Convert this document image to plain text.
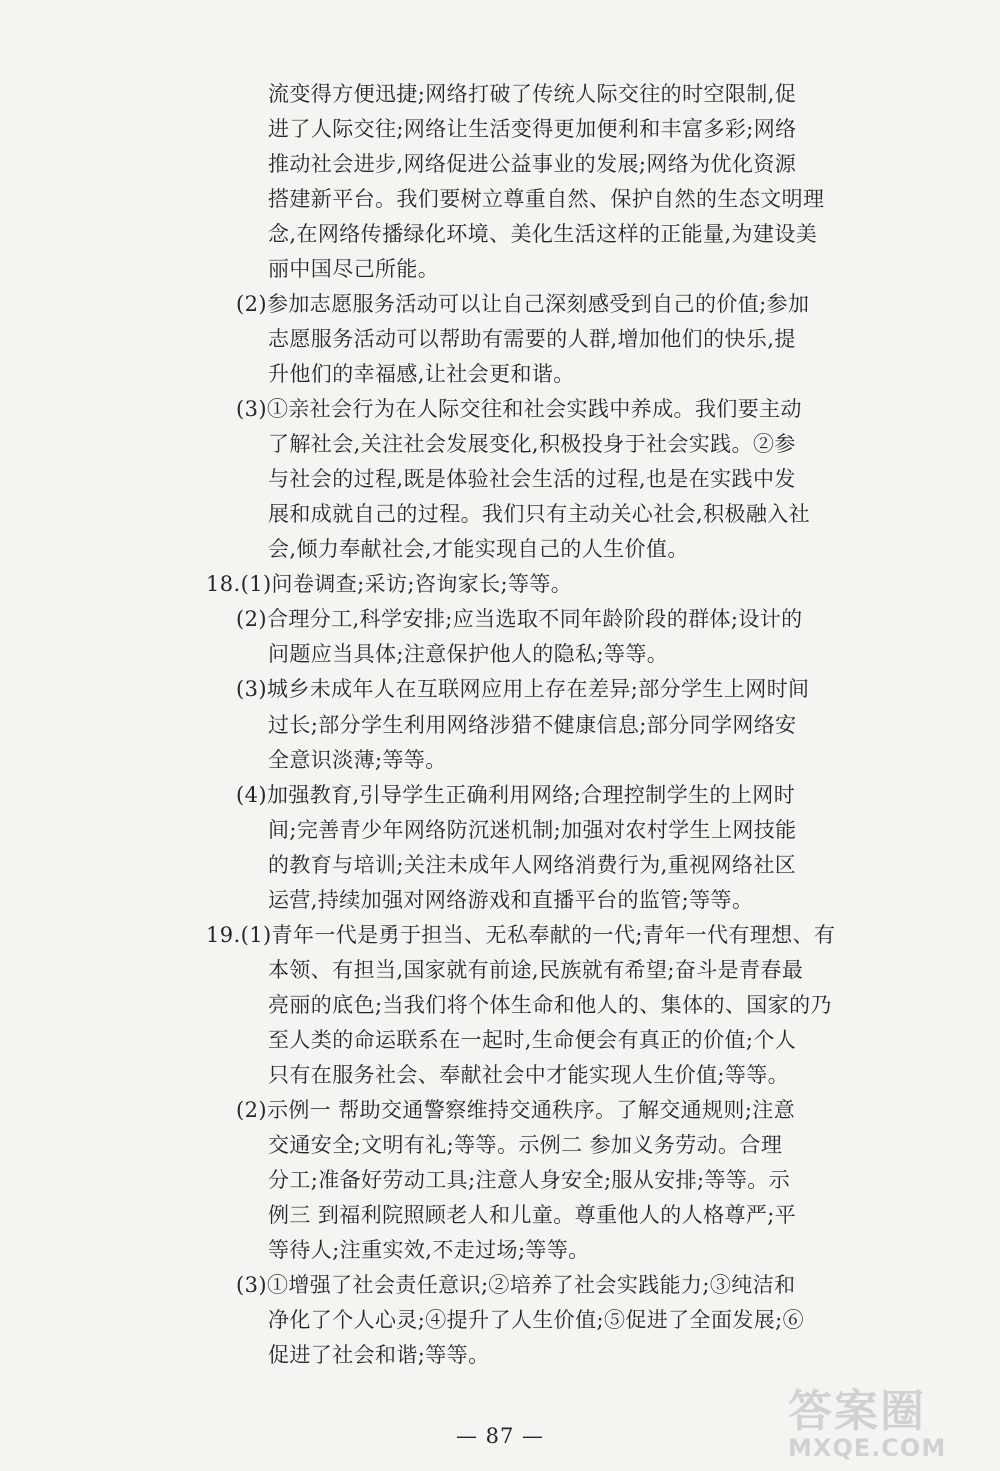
流变得方便迅捷;网络打破了传统人际交往的时空限制,促
进了人际交往;网络让生活变得更加便利和丰富多彩;网络
推动社会进步,网络促进公益事业的发展;网络为优化资源
搭建新平台。我们要树立尊重自然、保护自然的生态文明理
念,在网络传播绿化环境、美化生活这样的正能量,为建设美
丽中国尽己所能。
(2)参加志愿服务活动可以让自己深刻感受到自己的价值;参加
志愿服务活动可以帮助有需要的人群,增加他们的快乐,提
升他们的幸福感,让社会更和谐。
(3)①亲社会行为在人际交往和社会实践中养成。我们要主动
了解社会,关注社会发展变化,积极投身于社会实践。②参
与社会的过程,既是体验社会生活的过程,也是在实践中发
展和成就自己的过程。我们只有主动关心社会,积极融入社
会,倾力奉献社会,才能实现自己的人生价值。
18.(1)问卷调查;采访;咨询家长;等等。
(2)合理分工,科学安排;应当选取不同年龄阶段的群体;设计的
问题应当具体;注意保护他人的隐私;等等。
(3)城乡未成年人在互联网应用上存在差异;部分学生上网时间
过长;部分学生利用网络涉猎不健康信息;部分同学网络安
全意识淡薄;等等。
(4)加强教育,引导学生正确利用网络;合理控制学生的上网时
间;完善青少年网络防沉迷机制;加强对农村学生上网技能
的教育与培训;关注未成年人网络消费行为,重视网络社区
运营,持续加强对网络游戏和直播平台的监管;等等。
19.(1)青年一代是勇于担当、无私奉献的一代;青年一代有理想、有
本领、有担当,国家就有前途,民族就有希望;奋斗是青春最
亮丽的底色;当我们将个体生命和他人的、集体的、国家的乃
至人类的命运联系在一起时,生命便会有真正的价值;个人
只有在服务社会、奉献社会中才能实现人生价值;等等。
(2)示例一 帮助交通警察维持交通秩序。了解交通规则;注意
交通安全;文明有礼;等等。示例二 参加义务劳动。合理
分工;准备好劳动工具;注意人身安全;服从安排;等等。示
例三 到福利院照顾老人和儿童。尊重他人的人格尊严;平
等待人;注重实效,不走过场;等等。
(3)①增强了社会责任意识;②培养了社会实践能力;③纯洁和
净化了个人心灵;④提升了人生价值;⑤促进了全面发展;⑥
促进了社会和谐;等等。
— 87 —	答案圈
MXQE.COM
